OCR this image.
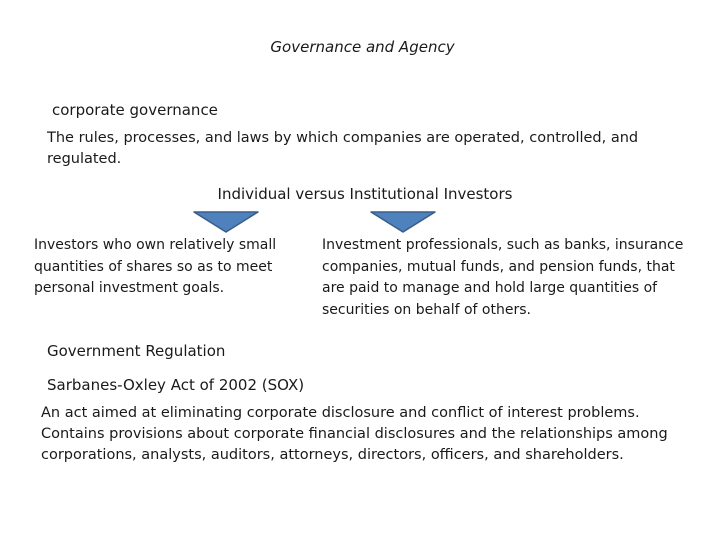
Governance and Agency
corporate governance
The rules, processes, and laws by which companies are operated, controlled, and regulated.
Individual versus Institutional Investors
Investors who own relatively small quantities of shares so as to meet personal investment goals.
Investment professionals, such as banks, insurance companies, mutual funds, and pension funds, that are paid to manage and hold large quantities of securities on behalf of others.
Government Regulation
Sarbanes-Oxley Act of 2002 (SOX)
An act aimed at eliminating corporate disclosure and conflict of interest problems. Contains provisions about corporate financial disclosures and the relationships among corporations, analysts, auditors, attorneys, directors, officers, and shareholders.
